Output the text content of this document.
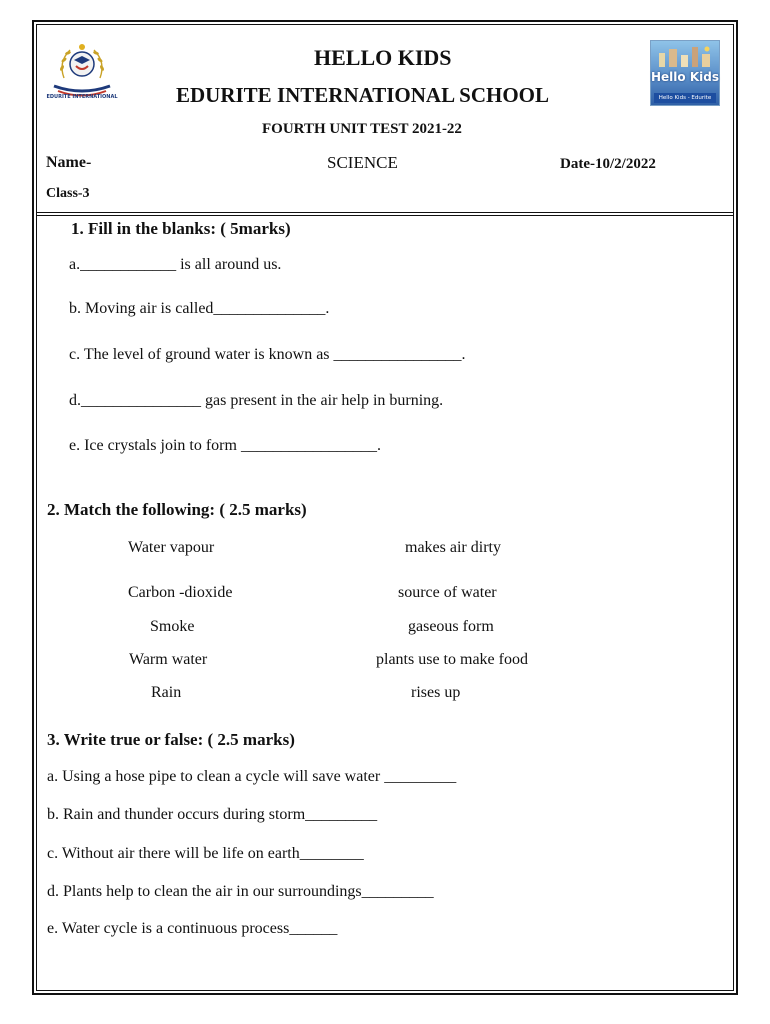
EDURITE INTERNATIONAL
Hello Kids
Hello Kids - Edurite
HELLO KIDS
EDURITE INTERNATIONAL SCHOOL
FOURTH UNIT TEST 2021-22
Name-	SCIENCE	Date-10/2/2022
Class-3
1. Fill in the blanks: ( 5marks)
a.____________ is all around us.
b. Moving air is called______________.
c. The level of ground water is known as ________________.
d._______________ gas present in the air help in burning.
e. Ice crystals join to form _________________.
2. Match the following: ( 2.5 marks)
Water vapour	makes air dirty
Carbon -dioxide	source of water
Smoke	gaseous form
Warm water	plants use to make food
Rain	rises up
3. Write true or false: ( 2.5 marks)
a. Using a hose pipe to clean a cycle will save water _________
b. Rain and thunder occurs during storm_________
c. Without air there will be life on earth________
d. Plants help to clean the air in our surroundings_________
e. Water cycle is a continuous process______
